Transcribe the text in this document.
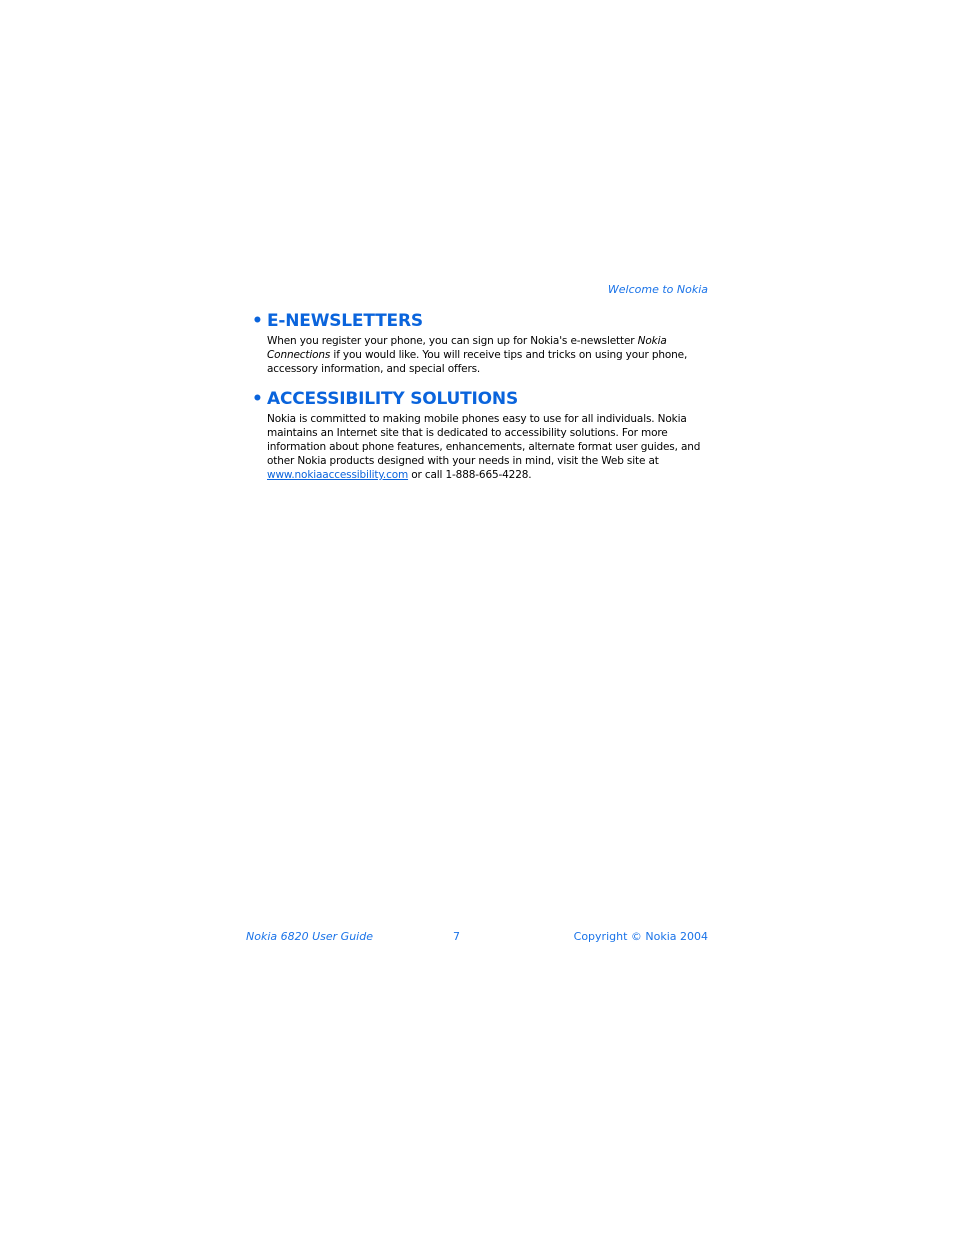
Welcome to Nokia
• E-NEWSLETTERS

When you register your phone, you can sign up for Nokia's e-newsletter Nokia Connections if you would like. You will receive tips and tricks on using your phone, accessory information, and special offers.

• ACCESSIBILITY SOLUTIONS

Nokia is committed to making mobile phones easy to use for all individuals. Nokia maintains an Internet site that is dedicated to accessibility solutions. For more information about phone features, enhancements, alternate format user guides, and other Nokia products designed with your needs in mind, visit the Web site at www.nokiaaccessibility.com or call 1-888-665-4228.

Nokia 6820 User Guide	7	Copyright © Nokia 2004
